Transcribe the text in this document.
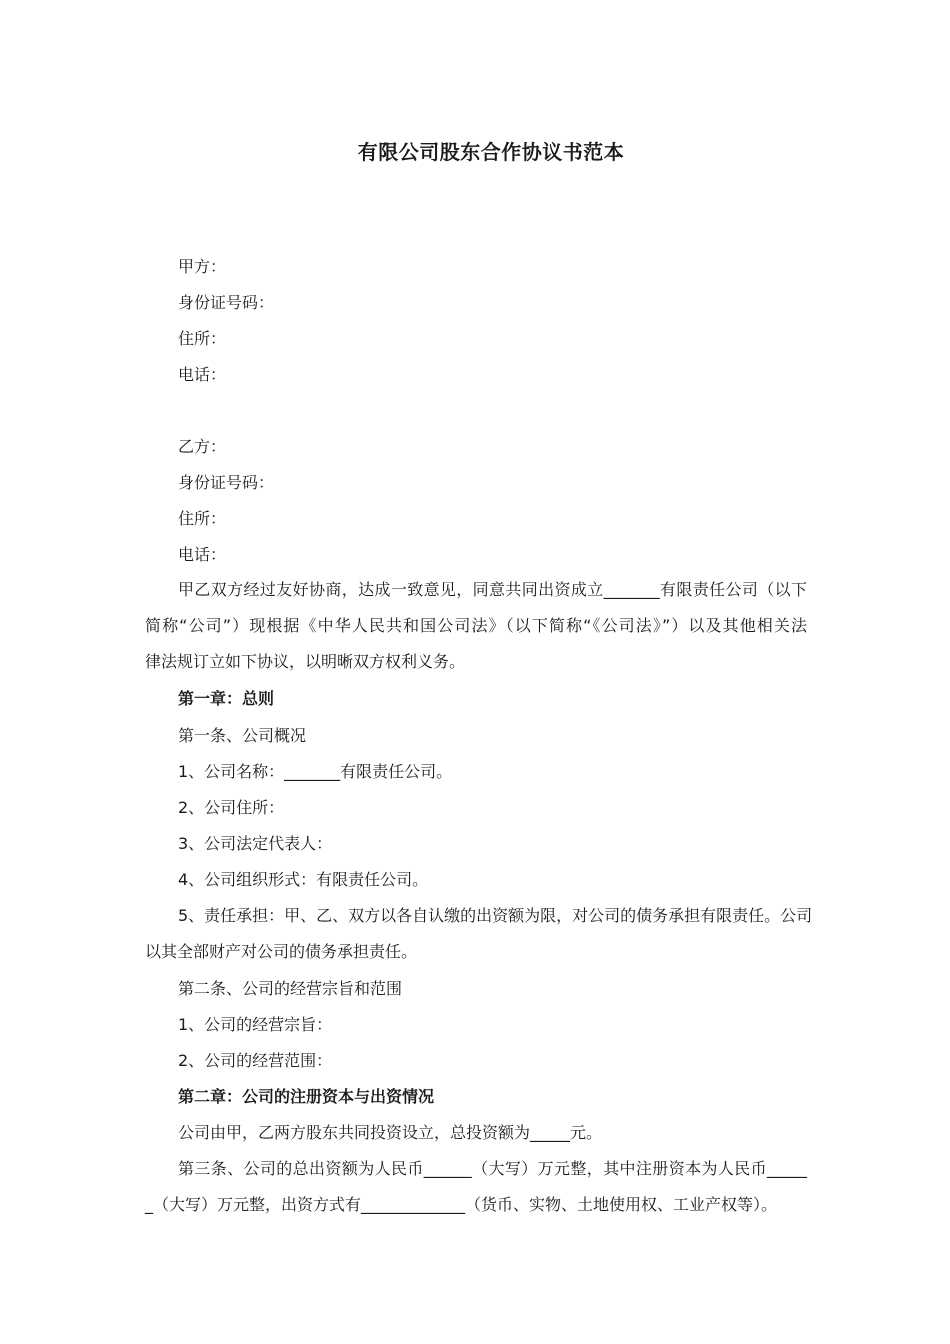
有限公司股东合作协议书范本
甲方：
身份证号码：
住所：
电话：
乙方：
身份证号码：
住所：
电话：
甲乙双方经过友好协商，达成一致意见，同意共同出资成立_______有限责任公司（以下
简称“公司”）现根据《中华人民共和国公司法》（以下简称“《公司法》”）以及其他相关法
律法规订立如下协议，以明晰双方权利义务。
第一章：总则
第一条、公司概况
1、公司名称：_______有限责任公司。
2、公司住所：
3、公司法定代表人：
4、公司组织形式：有限责任公司。
5、责任承担：甲、乙、双方以各自认缴的出资额为限，对公司的债务承担有限责任。公司
以其全部财产对公司的债务承担责任。
第二条、公司的经营宗旨和范围
1、公司的经营宗旨：
2、公司的经营范围：
第二章：公司的注册资本与出资情况
公司由甲，乙两方股东共同投资设立，总投资额为_____元。
第三条、公司的总出资额为人民币______（大写）万元整，其中注册资本为人民币_____
_（大写）万元整，出资方式有_____________（货币、实物、土地使用权、工业产权等）。
